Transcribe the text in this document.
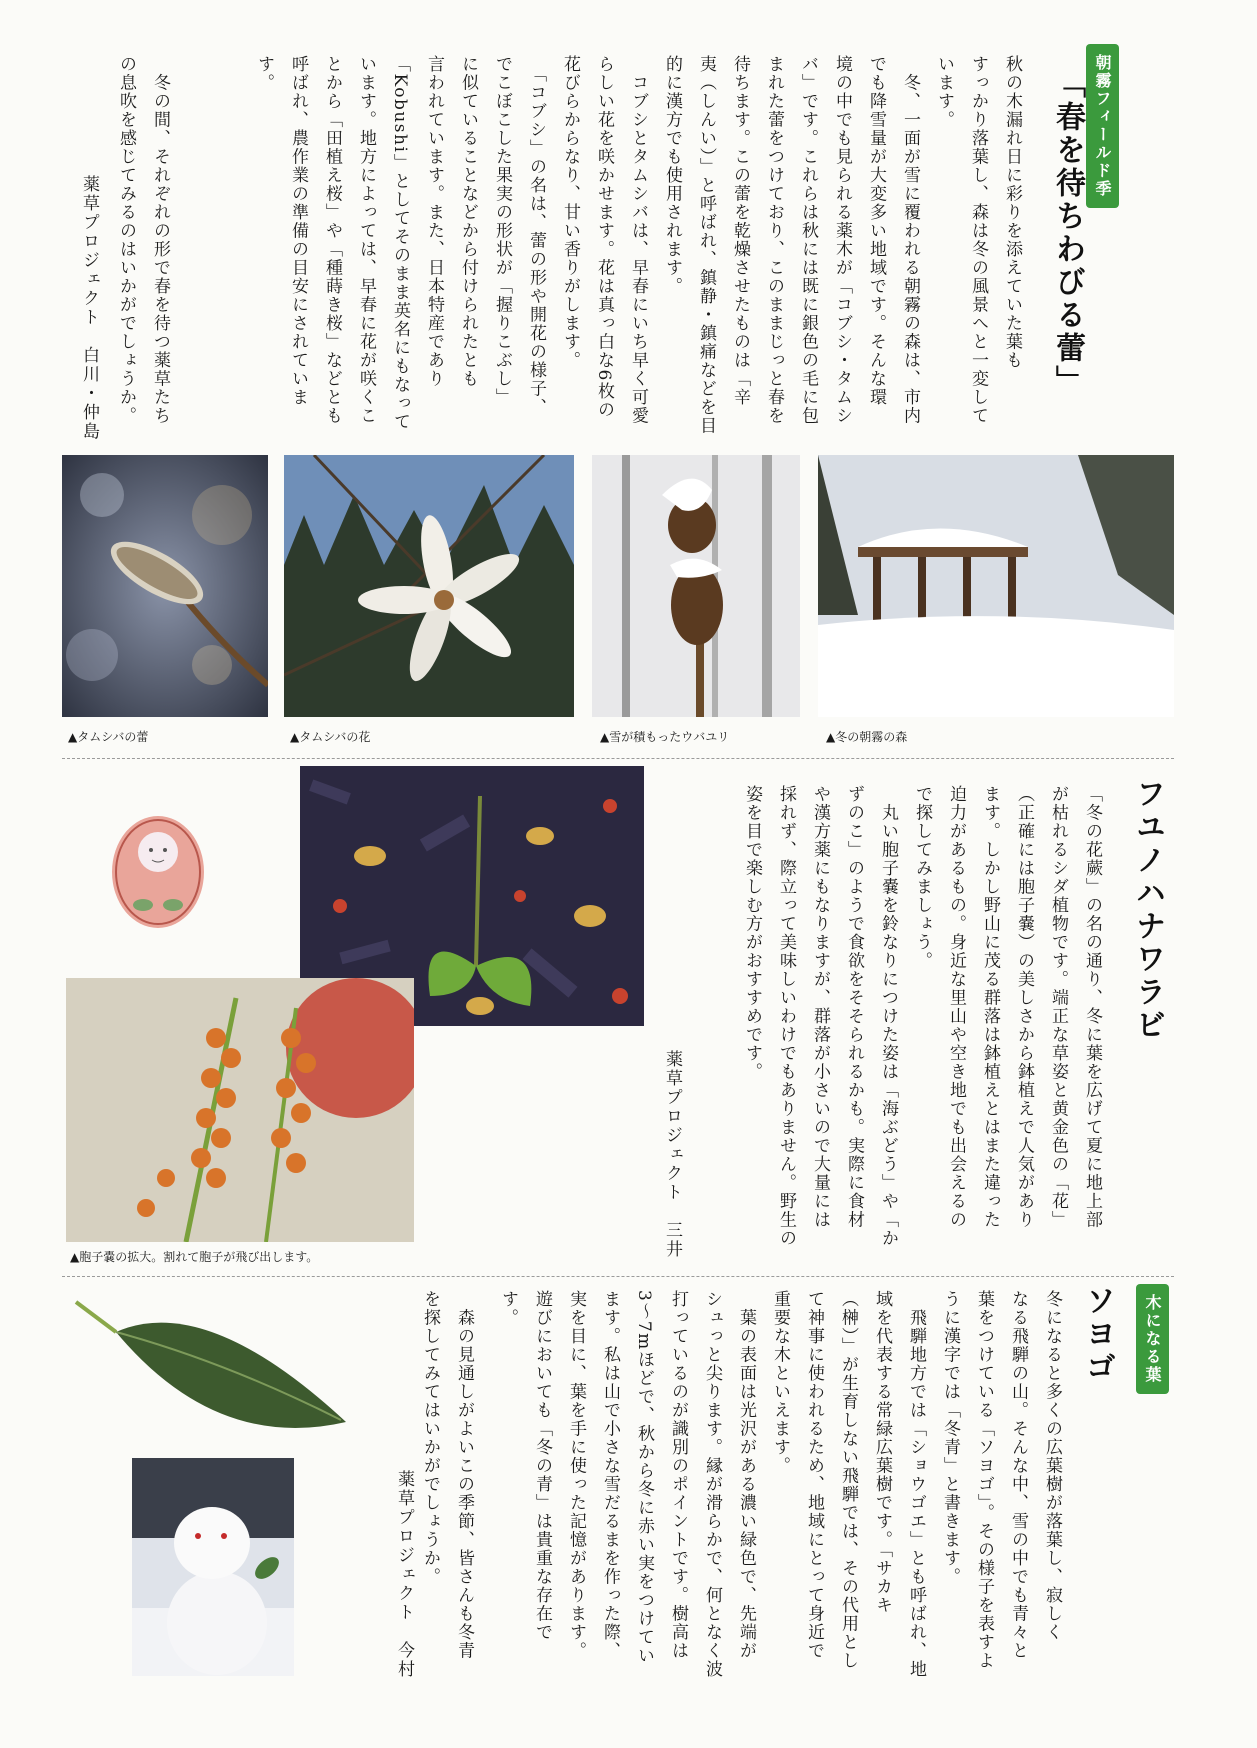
朝霧フィールド季
「春を待ちわびる蕾」
秋の木漏れ日に彩りを添えていた葉も
すっかり落葉し、森は冬の風景へと一変して
います。
　冬、一面が雪に覆われる朝霧の森は、市内
でも降雪量が大変多い地域です。そんな環
境の中でも見られる薬木が「コブシ・タムシ
バ」です。これらは秋には既に銀色の毛に包
まれた蕾をつけており、このままじっと春を
待ちます。この蕾を乾燥させたものは「辛
夷（しんい）」と呼ばれ、鎮静・鎮痛などを目
的に漢方でも使用されます。
　コブシとタムシバは、早春にいち早く可愛
らしい花を咲かせます。花は真っ白な6枚の
花びらからなり、甘い香りがします。
　「コブシ」の名は、蕾の形や開花の様子、
でこぼこした果実の形状が「握りこぶし」
に似ていることなどから付けられたとも
言われています。また、日本特産であり
「Kobushi」としてそのまま英名にもなって
います。地方によっては、早春に花が咲くこ
とから「田植え桜」や「種蒔き桜」などとも
呼ばれ、農作業の準備の目安にされていま
す。
　冬の間、それぞれの形で春を待つ薬草たち
の息吹を感じてみるのはいかがでしょうか。
薬草プロジェクト　白川・仲島
▲タムシバの蕾	▲タムシバの花	▲雪が積もったウバユリ	▲冬の朝霧の森
フユノハナワラビ
「冬の花蕨」の名の通り、冬に葉を広げて夏に地上部
が枯れるシダ植物です。端正な草姿と黄金色の「花」
（正確には胞子嚢）の美しさから鉢植えで人気があり
ます。しかし野山に茂る群落は鉢植えとはまた違った
迫力があるもの。身近な里山や空き地でも出会えるの
で探してみましょう。
　丸い胞子嚢を鈴なりにつけた姿は「海ぶどう」や「か
ずのこ」のようで食欲をそそられるかも。実際に食材
や漢方薬にもなりますが、群落が小さいので大量には
採れず、際立って美味しいわけでもありません。野生の
姿を目で楽しむ方がおすすめです。
薬草プロジェクト　三井
▲胞子嚢の拡大。割れて胞子が飛び出します。
木になる葉
ソヨゴ
冬になると多くの広葉樹が落葉し、寂しく
なる飛騨の山。そんな中、雪の中でも青々と
葉をつけている「ソヨゴ」。その様子を表すよ
うに漢字では「冬青」と書きます。
　飛騨地方では「ショウゴエ」とも呼ばれ、地
域を代表する常緑広葉樹です。「サカキ
（榊）」が生育しない飛騨では、その代用とし
て神事に使われるため、地域にとって身近で
重要な木といえます。
　葉の表面は光沢がある濃い緑色で、先端が
シュっと尖ります。縁が滑らかで、何となく波
打っているのが識別のポイントです。樹高は
3〜7mほどで、秋から冬に赤い実をつけてい
ます。私は山で小さな雪だるまを作った際、
実を目に、葉を手に使った記憶があります。
遊びにおいても「冬の青」は貴重な存在で
す。
　森の見通しがよいこの季節、皆さんも冬青
を探してみてはいかがでしょうか。
薬草プロジェクト　今村
